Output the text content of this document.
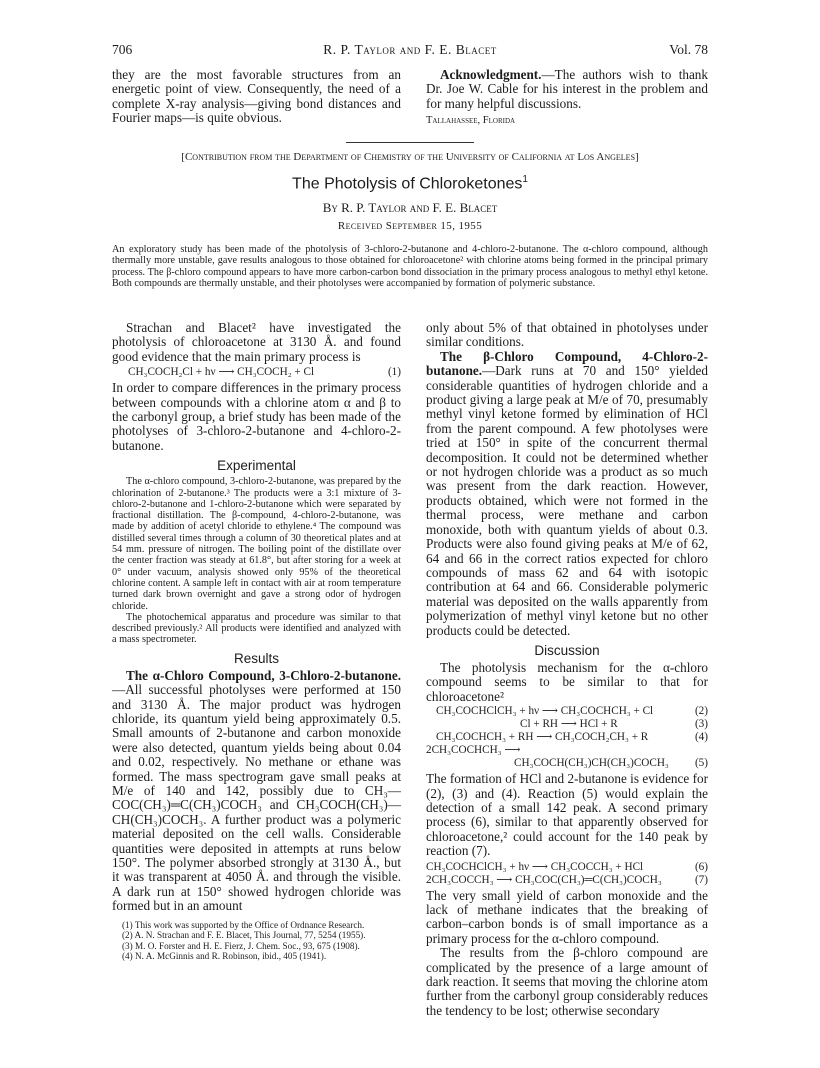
706	R. P. Taylor and F. E. Blacet	Vol. 78

they are the most favorable structures from an energetic point of view. Consequently, the need of a complete X-ray analysis—giving bond distances and Fourier maps—is quite obvious.

Acknowledgment.—The authors wish to thank Dr. Joe W. Cable for his interest in the problem and for many helpful discussions.

Tallahassee, Florida
[Contribution from the Department of Chemistry of the University of California at Los Angeles]
The Photolysis of Chloroketones$^1$
By R. P. Taylor and F. E. Blacet
Received September 15, 1955

An exploratory study has been made of the photolysis of 3-chloro-2-butanone and 4-chloro-2-butanone. The α-chloro compound, although thermally more unstable, gave results analogous to those obtained for chloroacetone² with chlorine atoms being formed in the principal primary process. The β-chloro compound appears to have more carbon-carbon bond dissociation in the primary process analogous to methyl ethyl ketone. Both compounds are thermally unstable, and their photolyses were accompanied by formation of polymeric substance.

Strachan and Blacet² have investigated the photolysis of chloroacetone at 3130 Å. and found good evidence that the main primary process is

CH₃COCH₂Cl + hν ⟶ CH₃COCH₂ + Cl	(1)

In order to compare differences in the primary process between compounds with a chlorine atom α and β to the carbonyl group, a brief study has been made of the photolyses of 3-chloro-2-butanone and 4-chloro-2-butanone.

Experimental

The α-chloro compound, 3-chloro-2-butanone, was prepared by the chlorination of 2-butanone.³ The products were a 3:1 mixture of 3-chloro-2-butanone and 1-chloro-2-butanone which were separated by fractional distillation. The β-compound, 4-chloro-2-butanone, was made by addition of acetyl chloride to ethylene.⁴ The compound was distilled several times through a column of 30 theoretical plates and at 54 mm. pressure of nitrogen. The boiling point of the distillate over the center fraction was steady at 61.8°, but after storing for a week at 0° under vacuum, analysis showed only 95% of the theoretical chlorine content. A sample left in contact with air at room temperature turned dark brown overnight and gave a strong odor of hydrogen chloride.

The photochemical apparatus and procedure was similar to that described previously.² All products were identified and analyzed with a mass spectrometer.

Results

The α-Chloro Compound, 3-Chloro-2-butanone.—All successful photolyses were performed at 150 and 3130 Å. The major product was hydrogen chloride, its quantum yield being approximately 0.5. Small amounts of 2-butanone and carbon monoxide were also detected, quantum yields being about 0.04 and 0.02, respectively. No methane or ethane was formed. The mass spectrogram gave small peaks at M/e of 140 and 142, possibly due to CH₃—COC(CH₃)═C(CH₃)COCH₃ and CH₃COCH(CH₃)—CH(CH₃)COCH₃. A further product was a polymeric material deposited on the cell walls. Considerable quantities were deposited in attempts at runs below 150°. The polymer absorbed strongly at 3130 Å., but it was transparent at 4050 Å. and through the visible. A dark run at 150° showed hydrogen chloride was formed but in an amount

(1) This work was supported by the Office of Ordnance Research.

(2) A. N. Strachan and F. E. Blacet, This Journal, 77, 5254 (1955).

(3) M. O. Forster and H. E. Fierz, J. Chem. Soc., 93, 675 (1908).

(4) N. A. McGinnis and R. Robinson, ibid., 405 (1941).

only about 5% of that obtained in photolyses under similar conditions.

The β-Chloro Compound, 4-Chloro-2-butanone.—Dark runs at 70 and 150° yielded considerable quantities of hydrogen chloride and a product giving a large peak at M/e of 70, presumably methyl vinyl ketone formed by elimination of HCl from the parent compound. A few photolyses were tried at 150° in spite of the concurrent thermal decomposition. It could not be determined whether or not hydrogen chloride was a product as so much was present from the dark reaction. However, products obtained, which were not formed in the thermal process, were methane and carbon monoxide, both with quantum yields of about 0.3. Products were also found giving peaks at M/e of 62, 64 and 66 in the correct ratios expected for chloro compounds of mass 62 and 64 with isotopic contribution at 64 and 66. Considerable polymeric material was deposited on the walls apparently from polymerization of methyl vinyl ketone but no other products could be detected.

Discussion

The photolysis mechanism for the α-chloro compound seems to be similar to that for chloroacetone²

CH₃COCHClCH₃ + hν ⟶ CH₃COCHCH₃ + Cl	(2)
Cl + RH ⟶ HCl + R	(3)
CH₃COCHCH₃ + RH ⟶ CH₃COCH₂CH₃ + R	(4)
2CH₃COCHCH₃ ⟶
CH₃COCH(CH₃)CH(CH₃)COCH₃ (5)

The formation of HCl and 2-butanone is evidence for (2), (3) and (4). Reaction (5) would explain the detection of a small 142 peak. A second primary process (6), similar to that apparently observed for chloroacetone,² could account for the 140 peak by reaction (7).

CH₃COCHClCH₃ + hν ⟶ CH₃COCCH₃ + HCl	(6)
2CH₃COCCH₃ ⟶ CH₃COC(CH₃)═C(CH₃)COCH₃	(7)

The very small yield of carbon monoxide and the lack of methane indicates that the breaking of carbon–carbon bonds is of small importance as a primary process for the α-chloro compound.

The results from the β-chloro compound are complicated by the presence of a large amount of dark reaction. It seems that moving the chlorine atom further from the carbonyl group considerably reduces the tendency to be lost; otherwise secondary
